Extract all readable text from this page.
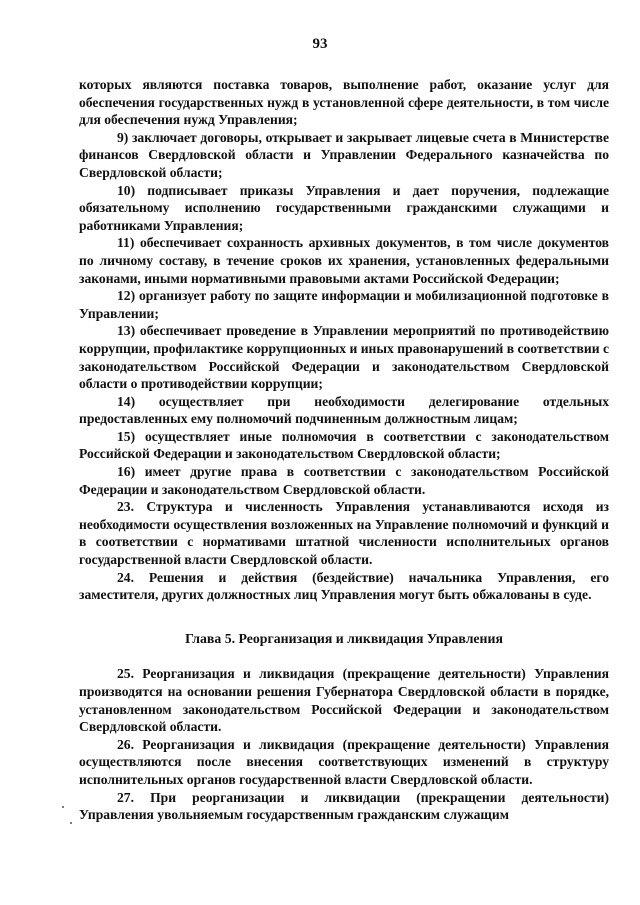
93

которых являются поставка товаров, выполнение работ, оказание услуг для обеспечения государственных нужд в установленной сфере деятельности, в том числе для обеспечения нужд Управления;

9) заключает договоры, открывает и закрывает лицевые счета в Министерстве финансов Свердловской области и Управлении Федерального казначейства по Свердловской области;

10) подписывает приказы Управления и дает поручения, подлежащие обязательному исполнению государственными гражданскими служащими и работниками Управления;

11) обеспечивает сохранность архивных документов, в том числе документов по личному составу, в течение сроков их хранения, установленных федеральными законами, иными нормативными правовыми актами Российской Федерации;

12) организует работу по защите информации и мобилизационной подготовке в Управлении;

13) обеспечивает проведение в Управлении мероприятий по противодействию коррупции, профилактике коррупционных и иных правонарушений в соответствии с законодательством Российской Федерации и законодательством Свердловской области о противодействии коррупции;

14) осуществляет при необходимости делегирование отдельных предоставленных ему полномочий подчиненным должностным лицам;

15) осуществляет иные полномочия в соответствии с законодательством Российской Федерации и законодательством Свердловской области;

16) имеет другие права в соответствии с законодательством Российской Федерации и законодательством Свердловской области.

23. Структура и численность Управления устанавливаются исходя из необходимости осуществления возложенных на Управление полномочий и функций и в соответствии с нормативами штатной численности исполнительных органов государственной власти Свердловской области.

24. Решения и действия (бездействие) начальника Управления, его заместителя, других должностных лиц Управления могут быть обжалованы в суде.

Глава 5. Реорганизация и ликвидация Управления

25. Реорганизация и ликвидация (прекращение деятельности) Управления производятся на основании решения Губернатора Свердловской области в порядке, установленном законодательством Российской Федерации и законодательством Свердловской области.

26. Реорганизация и ликвидация (прекращение деятельности) Управления осуществляются после внесения соответствующих изменений в структуру исполнительных органов государственной власти Свердловской области.

27. При реорганизации и ликвидации (прекращении деятельности) Управления увольняемым государственным гражданским служащим
